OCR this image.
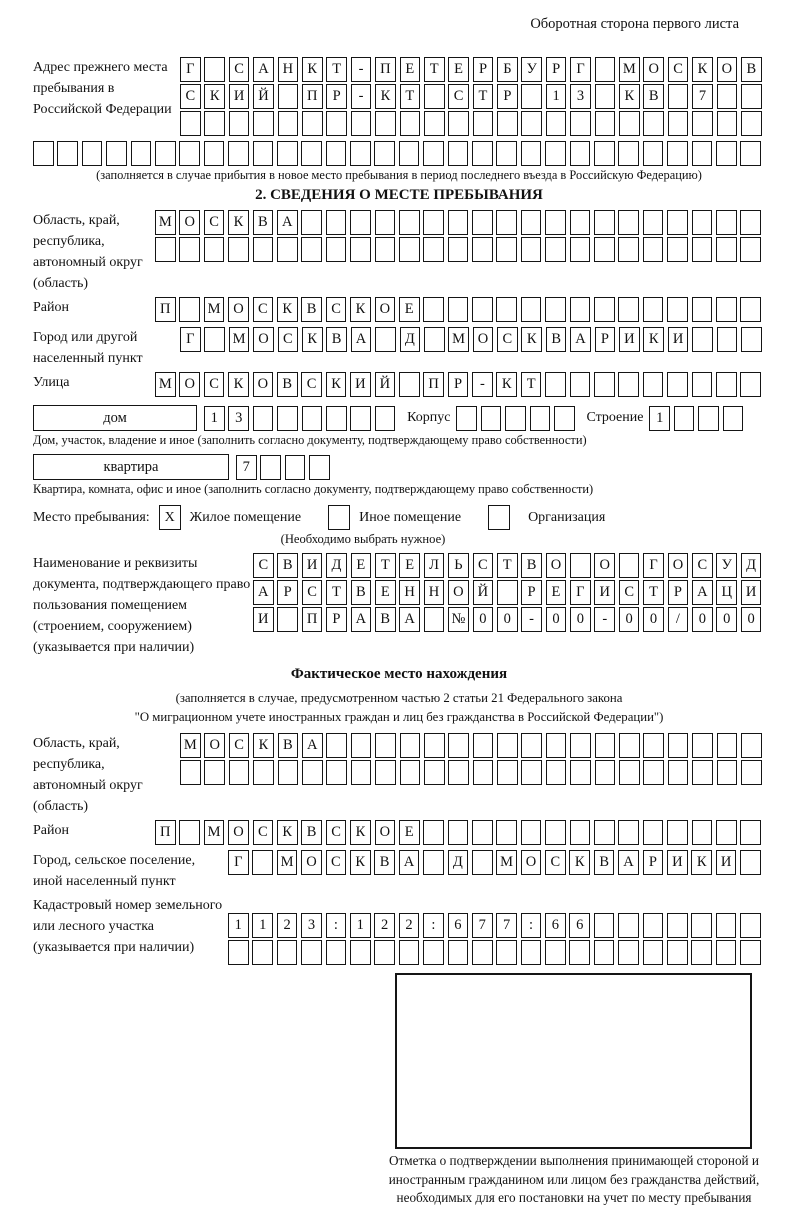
Оборотная сторона первого листа
Адрес прежнего места пребывания в Российской Федерации
Г	С А Н К	Т	-	П	Е	Т	Е	Р	Б	У	Р	Г	М О С	К О В
С	К И Й	П	Р	-	К	Т	С	Т	Р	1	3	К	В	7
(заполняется в случае прибытия в новое место пребывания в период последнего въезда в Российскую Федерацию)
2. СВЕДЕНИЯ О МЕСТЕ ПРЕБЫВАНИЯ
Область, край, республика, автономный округ (область)
М О С	К	В А
Район	П	М О С	К	В	С	К О	Е
Город или другой населенный пункт
Г	М О С	К	В А	Д	М О С	К	В А	Р	И К И
Улица	М О С	К О В	С	К И Й	П	Р	-	К	Т
дом	1	3	Корпус	Строение 1
Дом, участок, владение и иное (заполнить согласно документу, подтверждающему право собственности)
квартира	7
Квартира, комната, офис и иное (заполнить согласно документу, подтверждающему право собственности)
Место пребывания:	X	Жилое помещение	Иное помещение	Организация
(Необходимо выбрать нужное)
Наименование и реквизиты документа, подтверждающего право пользования помещением (строением, сооружением) (указывается при наличии)
С	В И Д	Е	Т	Е	Л	Ь	С	Т	В О	О	Г	О С У Д
А	Р	С	Т	В	Е	Н Н О Й	Р	Е	Г	И С	Т	Р	А Ц И
И	П	Р	А В А	№ 0	0	-	0	0	-	0	0	/	0	0	0
Фактическое место нахождения
(заполняется в случае, предусмотренном частью 2 статьи 21 Федерального закона
"О миграционном учете иностранных граждан и лиц без гражданства в Российской Федерации")
Область, край, республика, автономный округ (область)
М О С	К	В А
Район	П	М О С	К	В	С	К О	Е
Город, сельское поселение, иной населенный пункт
Г	М О С	К	В А	Д	М О С	К	В А	Р	И К И
Кадастровый номер земельного или лесного участка (указывается при наличии)
1	1	2	3	:	1	2	2	:	6	7	7	:	6	6
Отметка о подтверждении выполнения принимающей стороной и иностранным гражданином или лицом без гражданства действий, необходимых для его постановки на учет по месту пребывания
